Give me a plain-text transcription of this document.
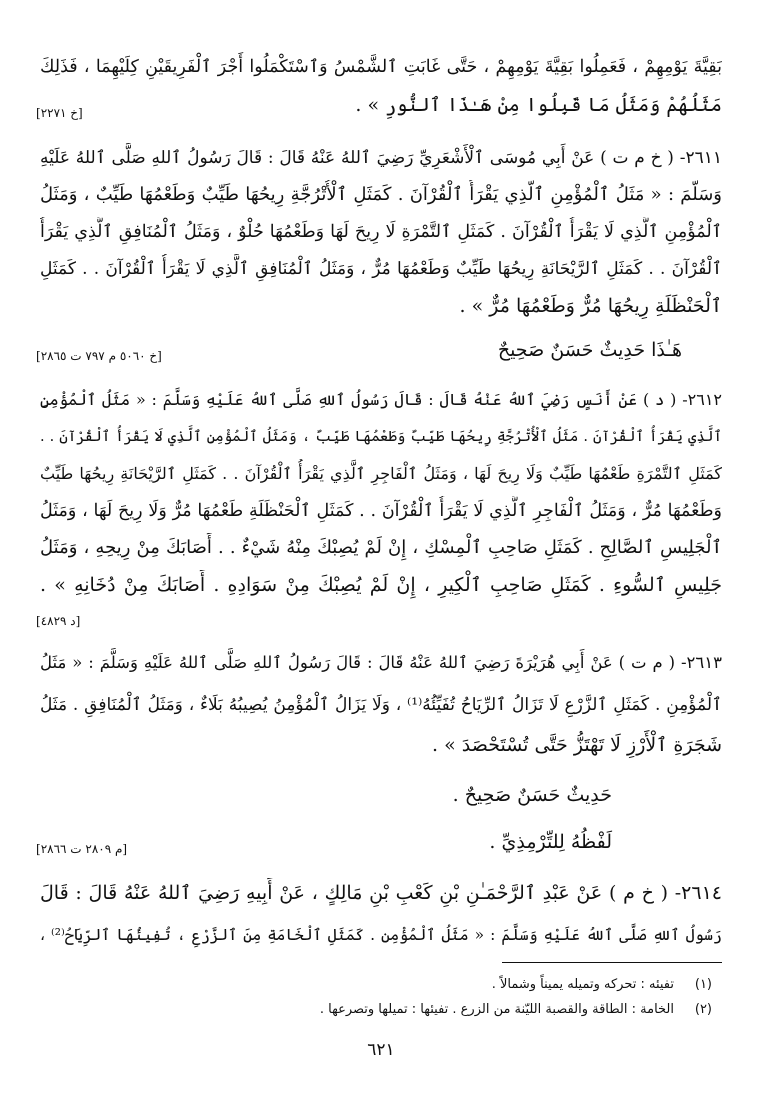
بَقِيَّةَ يَوْمِهِمْ ، فَعَمِلُوا بَقِيَّةَ يَوْمِهِمْ ، حَتَّى غَابَتِ ٱلشَّمْسُ وَٱسْتَكْمَلُوا أَجْرَ ٱلْفَرِيقَيْنِ كِلَيْهِمَا ، فَذَلِكَ
مَثَلُهُمْ وَمَثَلُ مَا قَبِلُوا مِنْ هَـٰذَا ٱلنُّورِ » .
[خ ٢٢٧١]
٢٦١١- ( خ م ت ) عَنْ أَبِي مُوسَى ٱلْأَشْعَرِيِّ رَضِيَ ٱللهُ عَنْهُ قَالَ : قَالَ رَسُولُ ٱللهِ صَلَّى ٱللهُ عَلَيْهِ
وَسَلَّمَ : « مَثَلُ ٱلْمُؤْمِنِ ٱلَّذِي يَقْرَأُ ٱلْقُرْآنَ . كَمَثَلِ ٱلْأُتْرُجَّةِ رِيحُهَا طَيِّبٌ وَطَعْمُهَا طَيِّبٌ ، وَمَثَلُ
ٱلْمُؤْمِنِ ٱلَّذِي لَا يَقْرَأُ ٱلْقُرْآنَ . كَمَثَلِ ٱلتَّمْرَةِ لَا رِيحَ لَهَا وَطَعْمُهَا حُلْوٌ ، وَمَثَلُ ٱلْمُنَافِقِ ٱلَّذِي يَقْرَأُ
ٱلْقُرْآنَ . . كَمَثَلِ ٱلرَّيْحَانَةِ رِيحُهَا طَيِّبٌ وَطَعْمُهَا مُرٌّ ، وَمَثَلُ ٱلْمُنَافِقِ ٱلَّذِي لَا يَقْرَأُ ٱلْقُرْآنَ . . كَمَثَلِ
ٱلْحَنْظَلَةِ رِيحُهَا مُرٌّ وَطَعْمُهَا مُرٌّ » .
هَـٰذَا حَدِيثٌ حَسَنٌ صَحِيحٌ
[خ ٥٠٦٠ م ٧٩٧ ت ٢٨٦٥]
٢٦١٢- ( د ) عَنْ أَنَسٍ رَضِيَ ٱللهُ عَنْهُ قَالَ : قَالَ رَسُولُ ٱللهِ صَلَّى ٱللهُ عَلَيْهِ وَسَلَّمَ : « مَثَلُ ٱلْمُؤْمِنِ
ٱلَّذِي يَقْرَأُ ٱلْقُرْآنَ . مَثَلُ ٱلْأُتْرُجَّةِ رِيحُهَا طَيِّبٌ وَطَعْمُهَا طَيِّبٌ ، وَمَثَلُ ٱلْمُؤْمِنِ ٱلَّذِي لَا يَقْرَأُ ٱلْقُرْآنَ . .
كَمَثَلِ ٱلتَّمْرَةِ طَعْمُهَا طَيِّبٌ وَلَا رِيحَ لَهَا ، وَمَثَلُ ٱلْفَاجِرِ ٱلَّذِي يَقْرَأُ ٱلْقُرْآنَ . . كَمَثَلِ ٱلرَّيْحَانَةِ رِيحُهَا طَيِّبٌ
وَطَعْمُهَا مُرٌّ ، وَمَثَلُ ٱلْفَاجِرِ ٱلَّذِي لَا يَقْرَأُ ٱلْقُرْآنَ . . كَمَثَلِ ٱلْحَنْظَلَةِ طَعْمُهَا مُرٌّ وَلَا رِيحَ لَهَا ، وَمَثَلُ
ٱلْجَلِيسِ ٱلصَّالِحِ . كَمَثَلِ صَاحِبِ ٱلْمِسْكِ ، إِنْ لَمْ يُصِبْكَ مِنْهُ شَيْءٌ . . أَصَابَكَ مِنْ رِيحِهِ ، وَمَثَلُ
جَلِيسِ ٱلسُّوءِ . كَمَثَلِ صَاحِبِ ٱلْكِيرِ ، إِنْ لَمْ يُصِبْكَ مِنْ سَوَادِهِ . أَصَابَكَ مِنْ دُخَانِهِ » .
[د ٤٨٢٩]
٢٦١٣- ( م ت ) عَنْ أَبِي هُرَيْرَةَ رَضِيَ ٱللهُ عَنْهُ قَالَ : قَالَ رَسُولُ ٱللهِ صَلَّى ٱللهُ عَلَيْهِ وَسَلَّمَ : « مَثَلُ
ٱلْمُؤْمِنِ . كَمَثَلِ ٱلزَّرْعِ لَا تَزَالُ ٱلرِّيَاحُ تُفَيِّئُهُ⁽¹⁾ ، وَلَا يَزَالُ ٱلْمُؤْمِنُ يُصِيبُهُ بَلَاءٌ ، وَمَثَلُ ٱلْمُنَافِقِ . مَثَلُ
شَجَرَةِ ٱلْأَرْزِ لَا تَهْتَزُّ حَتَّى تُسْتَحْصَدَ » .
حَدِيثٌ حَسَنٌ صَحِيحٌ .
لَفْظُهُ لِلتِّرْمِذِيِّ .
[م ٢٨٠٩ ت ٢٨٦٦]
٢٦١٤- ( خ م ) عَنْ عَبْدِ ٱلرَّحْمَـٰنِ بْنِ كَعْبِ بْنِ مَالِكٍ ، عَنْ أَبِيهِ رَضِيَ ٱللهُ عَنْهُ قَالَ : قَالَ
رَسُولُ ٱللهِ صَلَّى ٱللهُ عَلَيْهِ وَسَلَّمَ : « مَثَلُ ٱلْمُؤْمِنِ . كَمَثَلِ ٱلْخَامَةِ مِنَ ٱلزَّرْعِ ، تُفِيئُهَا ٱلرِّيَاحُ⁽²⁾ ،
(١)تفيئه : تحركه وتميله يميناً وشمالاً .
(٢)الخامة : الطاقة والقصبة الليّنة من الزرع . تفيئها : تميلها وتصرعها .
٦٢١
